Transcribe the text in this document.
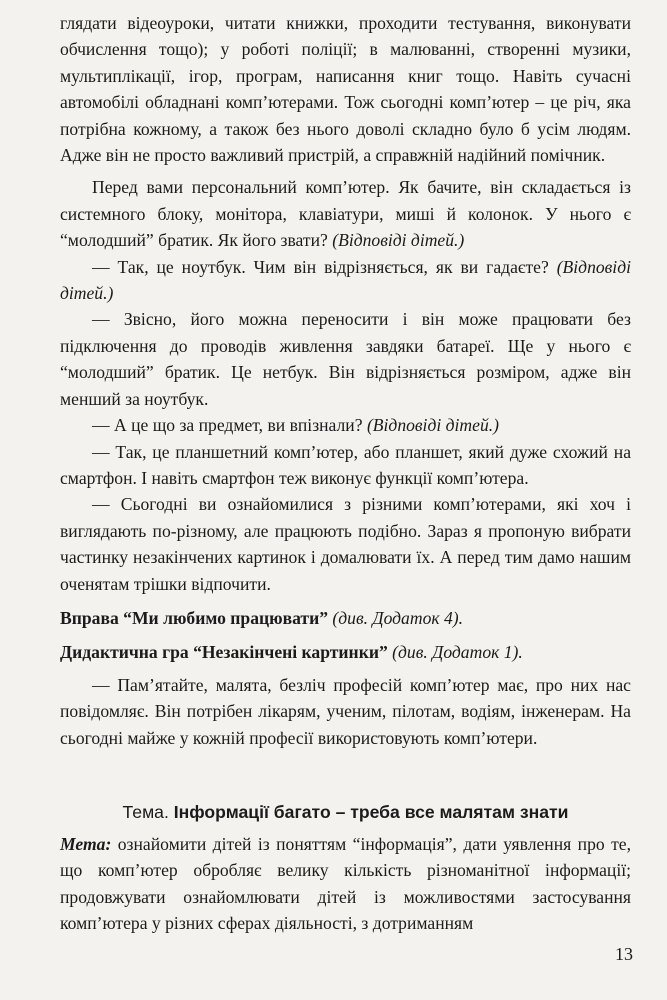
глядати відеоуроки, читати книжки, проходити тестування, виконувати обчислення тощо); у роботі поліції; в малюванні, створенні музики, мультиплікації, ігор, програм, написання книг тощо. Навіть сучасні автомобілі обладнані комп’ютерами. Тож сьогодні комп’ютер – це річ, яка потрібна кожному, а також без нього доволі складно було б усім людям. Адже він не просто важливий пристрій, а справжній надійний помічник.

Перед вами персональний комп’ютер. Як бачите, він складається із системного блоку, монітора, клавіатури, миші й колонок. У нього є “молодший” братик. Як його звати? (Відповіді дітей.)

— Так, це ноутбук. Чим він відрізняється, як ви гадаєте? (Відповіді дітей.)

— Звісно, його можна переносити і він може працювати без підключення до проводів живлення завдяки батареї. Ще у нього є “молодший” братик. Це нетбук. Він відрізняється розміром, адже він менший за ноутбук.

— А це що за предмет, ви впізнали? (Відповіді дітей.)

— Так, це планшетний комп’ютер, або планшет, який дуже схожий на смартфон. І навіть смартфон теж виконує функції комп’ютера.

— Сьогодні ви ознайомилися з різними комп’ютерами, які хоч і виглядають по-різному, але працюють подібно. Зараз я пропоную вибрати частинку незакінчених картинок і домалювати їх. А перед тим дамо нашим оченятам трішки відпочити.

Вправа “Ми любимо працювати” (див. Додаток 4).

Дидактична гра “Незакінчені картинки” (див. Додаток 1).

— Пам’ятайте, малята, безліч професій комп’ютер має, про них нас повідомляє. Він потрібен лікарям, ученим, пілотам, водіям, інженерам. На сьогодні майже у кожній професії використовують комп’ютери.

Тема. Інформації багато – треба все малятам знати

Мета: ознайомити дітей із поняттям “інформація”, дати уявлення про те, що комп’ютер обробляє велику кількість різноманітної інформації; продовжувати ознайомлювати дітей із можливостями застосування комп’ютера у різних сферах діяльності, з дотриманням

13
